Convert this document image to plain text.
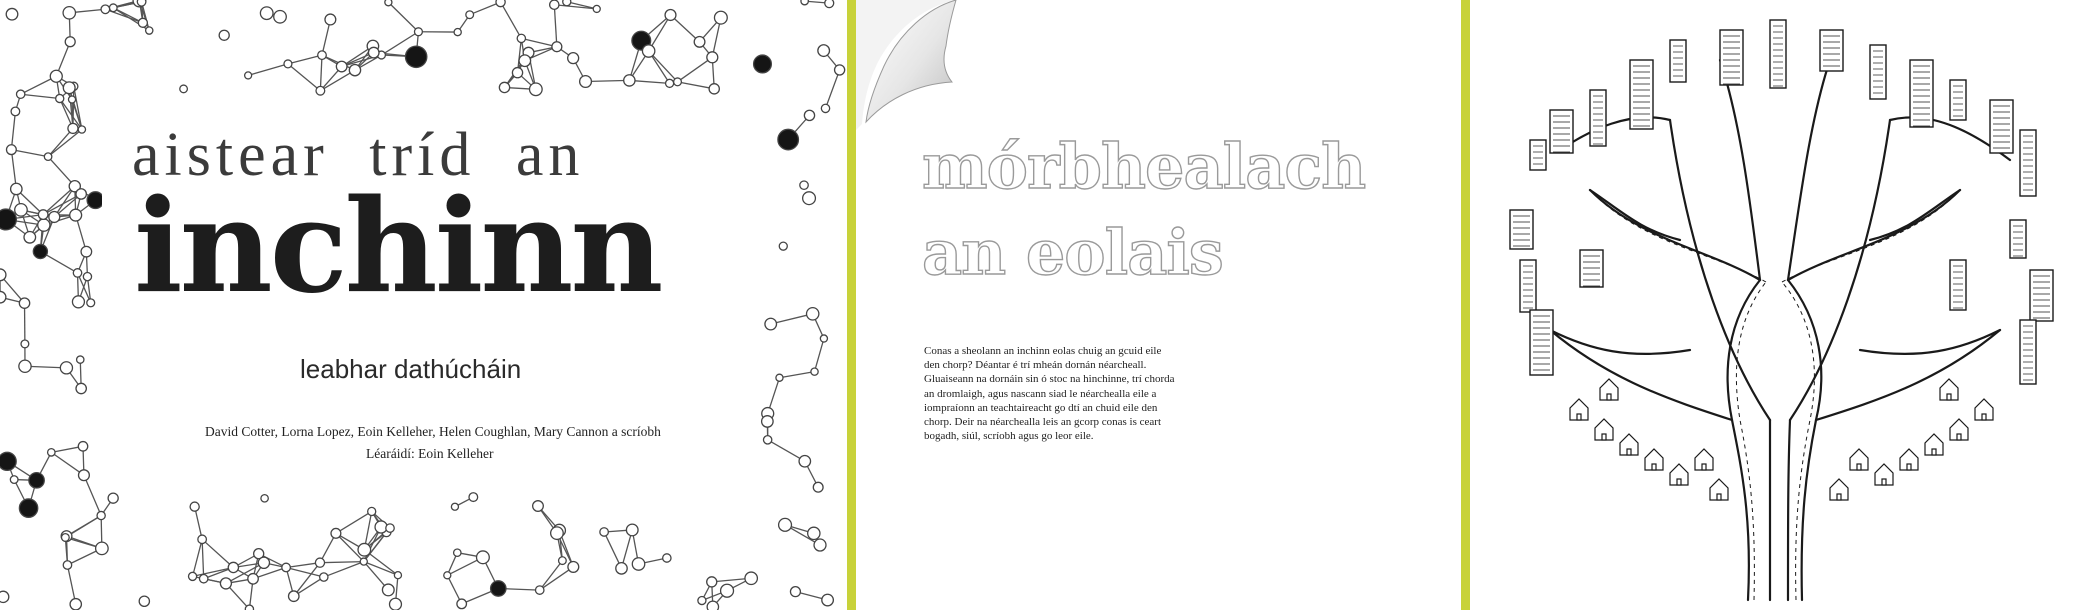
aistear tríd an
inchinn
leabhar dathúcháin
David Cotter, Lorna Lopez, Eoin Kelleher, Helen Coughlan, Mary Cannon a scríobh
Léaráidí: Eoin Kelleher
mórbhealach
an eolais
Conas a sheolann an inchinn eolas chuig an gcuid eile
den chorp? Déantar é trí mheán dornán néarcheall.
Gluaiseann na dornáin sin ó stoc na hinchinne, trí chorda
an dromlaigh, agus nascann siad le néarchealla eile a
iompraíonn an teachtaireacht go dtí an chuid eile den
chorp. Deir na néarchealla leis an gcorp conas is ceart
bogadh, siúl, scríobh agus go leor eile.
